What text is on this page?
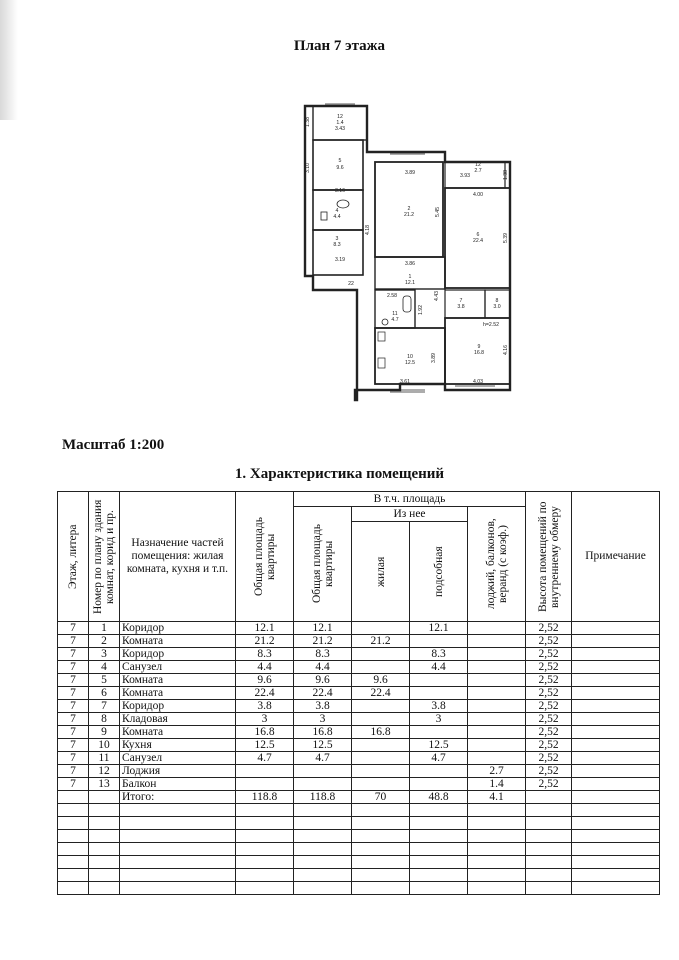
План 7 этажа
12
1.4
5
9.6
4
4.4
3
8.3
2
21.2
12
2.7
6
22.4
1
12.1
11
4.7
7
3.8
8
3.0
10
12.5
9
16.8
3.43
3.16
3.19
3.89
3.86
3.93
4.00
2.58
h=2.52
3.61	4.03
22
1.38
3.10
4.18
5.45
1.38
5.39
4.43
1.92
3.89
4.16
Масштаб 1:200
1. Характеристика помещений
Этаж, литера	Номер по плану здания комнат, корид и пр.	Назначение частей помещения: жилая комната, кухня и т.п.	Общая площадь квартиры	В т.ч. площадь				Высота помещений по внутреннему обмеру	Примечание

				Общая площадь квартиры	Из нее		лоджий, балконов, веранд (с коэф.)		

					жилая	подсобная			

7	1	Коридор	12.1	12.1		12.1		2,52	
7	2	Комната	21.2	21.2	21.2			2,52	
7	3	Коридор	8.3	8.3		8.3		2,52	
7	4	Санузел	4.4	4.4		4.4		2,52	
7	5	Комната	9.6	9.6	9.6			2,52	
7	6	Комната	22.4	22.4	22.4			2,52	
7	7	Коридор	3.8	3.8		3.8		2,52	
7	8	Кладовая	3	3		3		2,52	
7	9	Комната	16.8	16.8	16.8			2,52	
7	10	Кухня	12.5	12.5		12.5		2,52	
7	11	Санузел	4.7	4.7		4.7		2,52	
7	12	Лоджия					2.7	2,52	
7	13	Балкон					1.4	2,52	
		Итого:	118.8	118.8	70	48.8	4.1		
